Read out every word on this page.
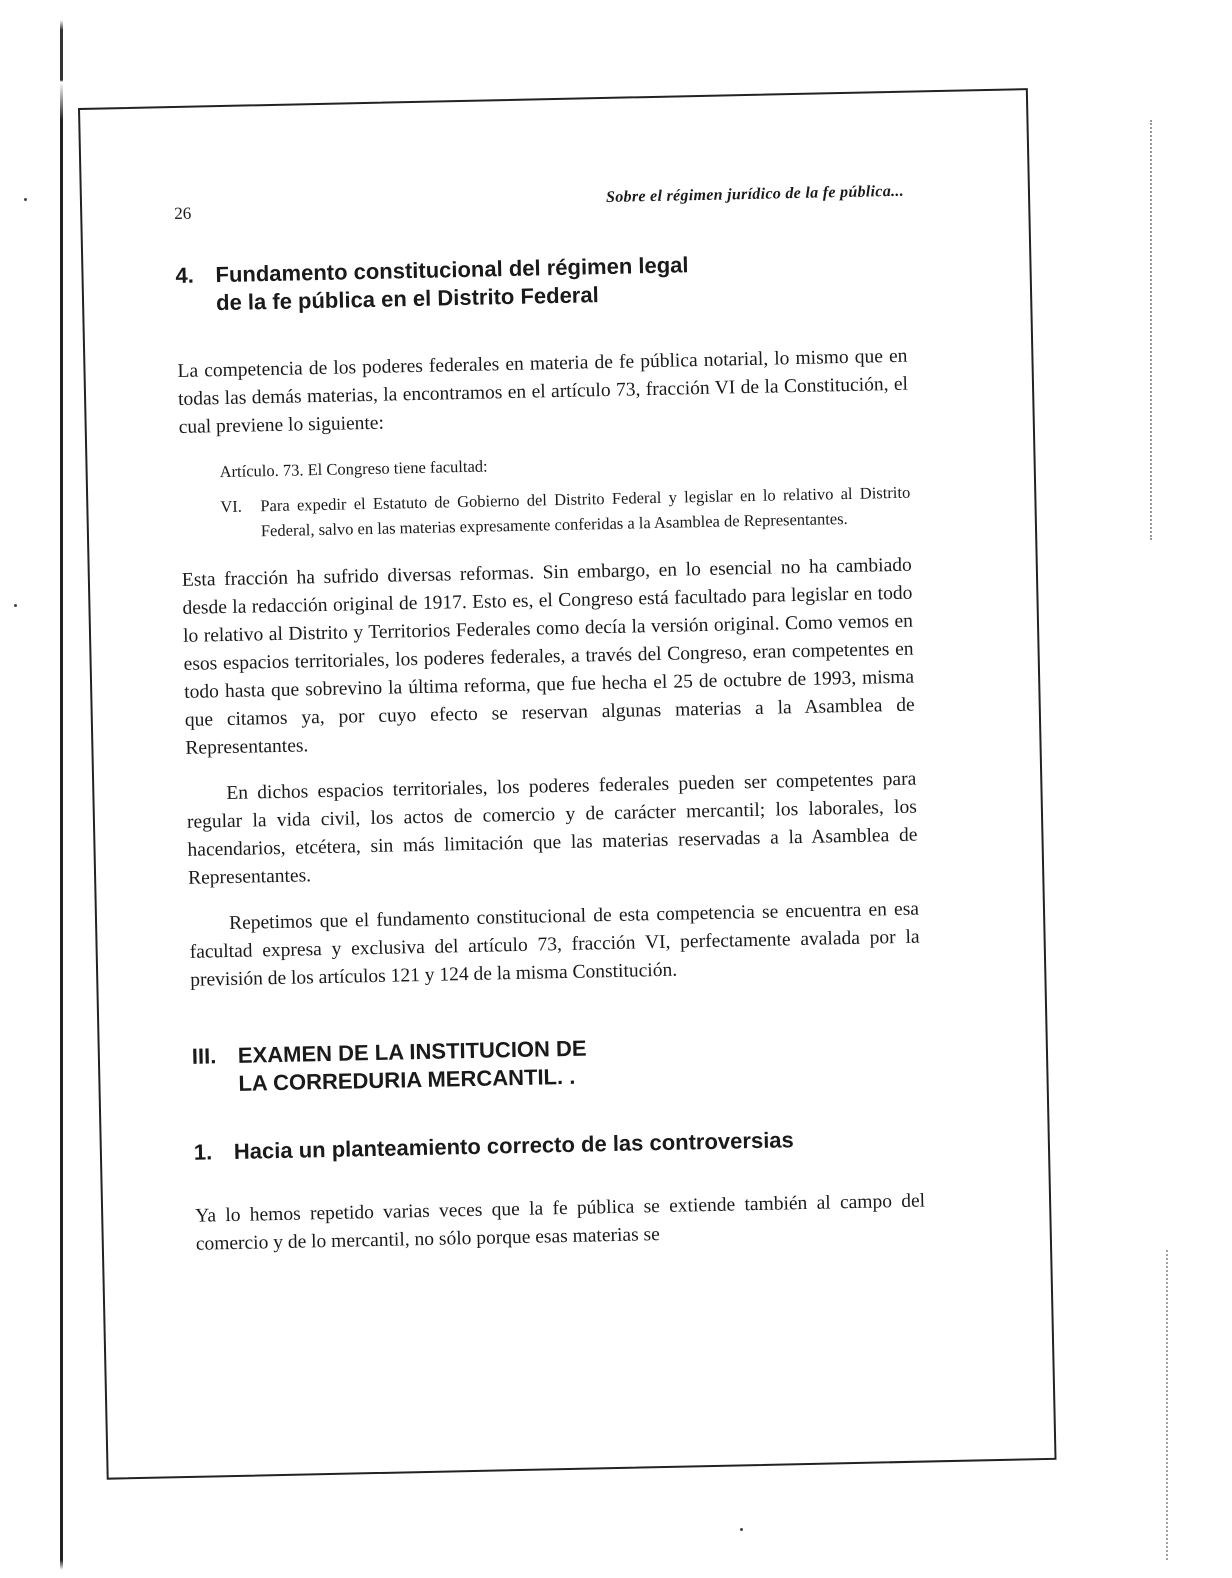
26
Sobre el régimen jurídico de la fe pública...
4. Fundamento constitucional del régimen legal
de la fe pública en el Distrito Federal

La competencia de los poderes federales en materia de fe pública notarial, lo mismo que en todas las demás materias, la encontramos en el artículo 73, fracción VI de la Constitución, el cual previene lo siguiente:

Artículo. 73. El Congreso tiene facultad:
VI.	Para expedir el Estatuto de Gobierno del Distrito Federal y legislar en lo relativo al Distrito Federal, salvo en las materias expresamente conferidas a la Asamblea de Representantes.

Esta fracción ha sufrido diversas reformas. Sin embargo, en lo esencial no ha cambiado desde la redacción original de 1917. Esto es, el Congreso está facultado para legislar en todo lo relativo al Distrito y Territorios Federales como decía la versión original. Como vemos en esos espacios territoriales, los poderes federales, a través del Congreso, eran competentes en todo hasta que sobrevino la última reforma, que fue hecha el 25 de octubre de 1993, misma que citamos ya, por cuyo efecto se reservan algunas materias a la Asamblea de Representantes.

En dichos espacios territoriales, los poderes federales pueden ser competentes para regular la vida civil, los actos de comercio y de carácter mercantil; los laborales, los hacendarios, etcétera, sin más limitación que las materias reservadas a la Asamblea de Representantes.

Repetimos que el fundamento constitucional de esta competencia se encuentra en esa facultad expresa y exclusiva del artículo 73, fracción VI, perfectamente avalada por la previsión de los artículos 121 y 124 de la misma Constitución.

III. EXAMEN DE LA INSTITUCION DE
LA CORREDURIA MERCANTIL. .
1. Hacia un planteamiento correcto de las controversias

Ya lo hemos repetido varias veces que la fe pública se extiende también al campo del comercio y de lo mercantil, no sólo porque esas materias se
